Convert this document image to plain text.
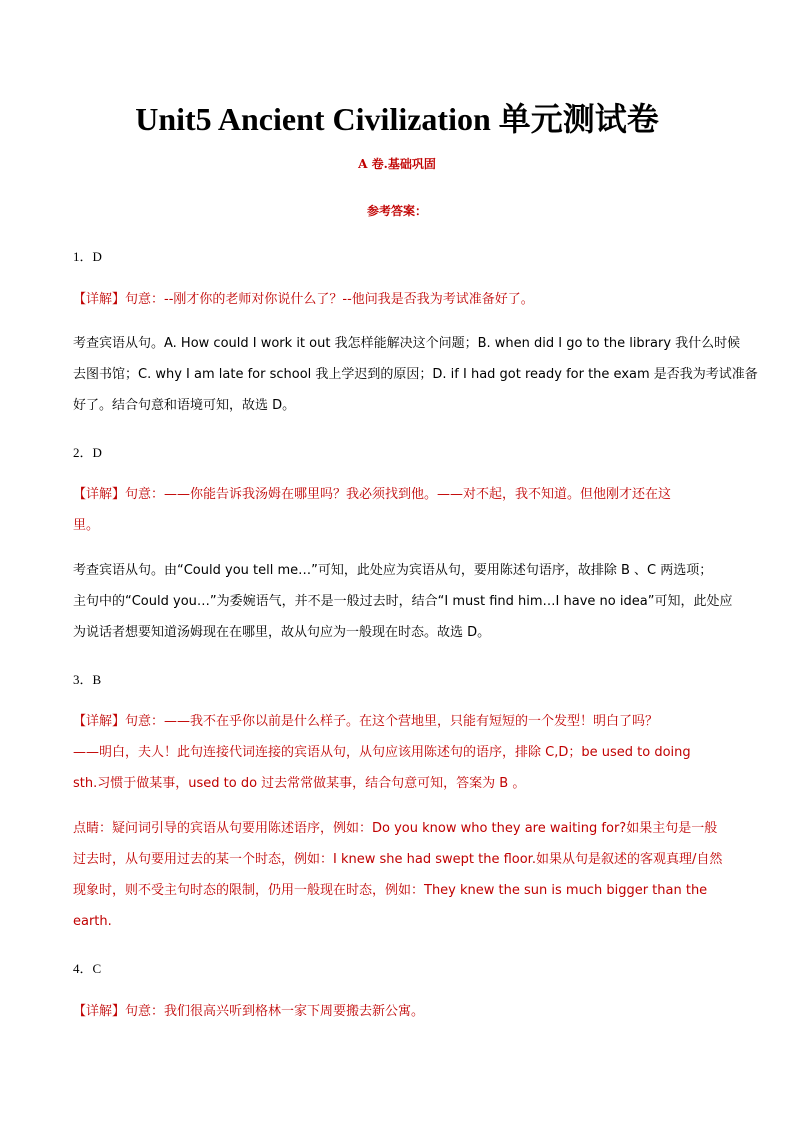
Unit5 Ancient Civilization 单元测试卷
A 卷.基础巩固
参考答案：
1．D
【详解】句意：--刚才你的老师对你说什么了？--他问我是否我为考试准备好了。
考查宾语从句。A. How could I work it out 我怎样能解决这个问题；B. when did I go to the library 我什么时候
去图书馆；C. why I am late for school 我上学迟到的原因；D. if I had got ready for the exam 是否我为考试准备
好了。结合句意和语境可知，故选 D。
2．D
【详解】句意：——你能告诉我汤姆在哪里吗？我必须找到他。——对不起，我不知道。但他刚才还在这
里。
考查宾语从句。由“Could you tell me…”可知，此处应为宾语从句，要用陈述句语序，故排除 B 、C 两选项；
主句中的“Could you…”为委婉语气，并不是一般过去时，结合“I must find him…I have no idea”可知，此处应
为说话者想要知道汤姆现在在哪里，故从句应为一般现在时态。故选 D。
3．B
【详解】句意：——我不在乎你以前是什么样子。在这个营地里，只能有短短的一个发型！明白了吗？
——明白，夫人！此句连接代词连接的宾语从句，从句应该用陈述句的语序，排除 C,D；be used to doing
sth.习惯于做某事，used to do 过去常常做某事，结合句意可知，答案为 B 。
点睛：疑问词引导的宾语从句要用陈述语序，例如：Do you know who they are waiting for?如果主句是一般
过去时，从句要用过去的某一个时态，例如：I knew she had swept the floor.如果从句是叙述的客观真理/自然
现象时，则不受主句时态的限制，仍用一般现在时态，例如：They knew the sun is much bigger than the
earth.
4．C
【详解】句意：我们很高兴听到格林一家下周要搬去新公寓。
